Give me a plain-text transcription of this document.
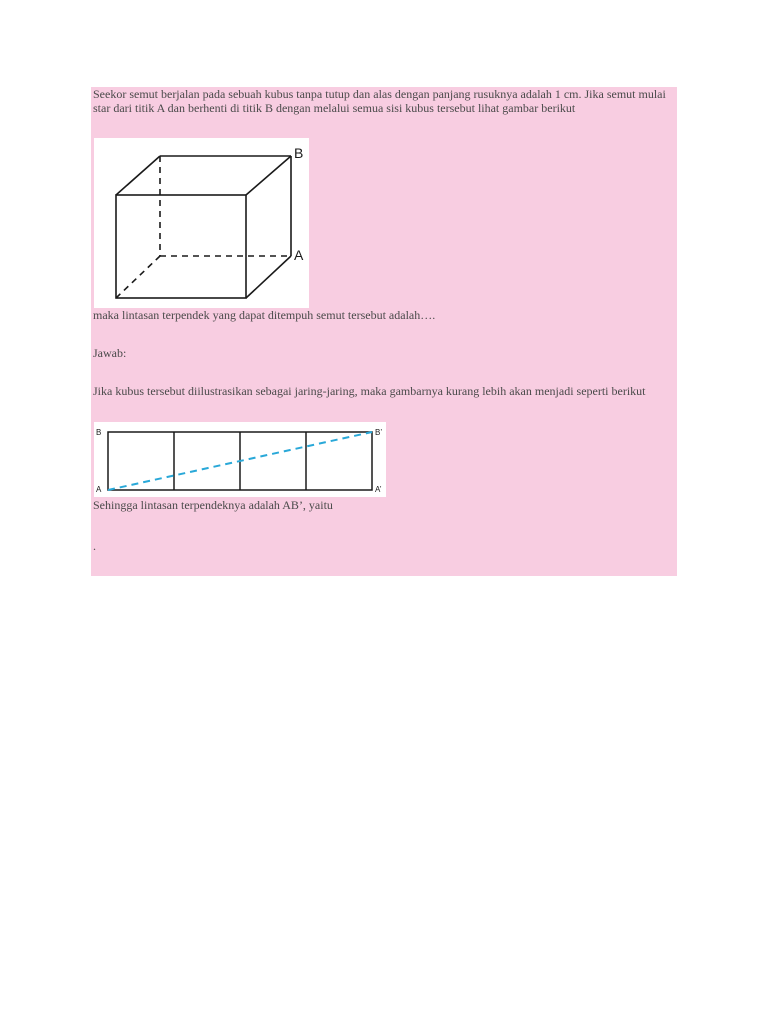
Seekor semut berjalan pada sebuah kubus tanpa tutup dan alas dengan panjang rusuknya adalah 1 cm. Jika semut mulai star dari titik A dan berhenti di titik B dengan melalui semua sisi kubus tersebut lihat gambar berikut

B
A

maka lintasan terpendek yang dapat ditempuh semut tersebut adalah….

Jawab:

Jika kubus tersebut diilustrasikan sebagai jaring-jaring, maka gambarnya kurang lebih akan menjadi seperti berikut

B	B’
A	A’

Sehingga lintasan terpendeknya adalah AB’, yaitu

.
